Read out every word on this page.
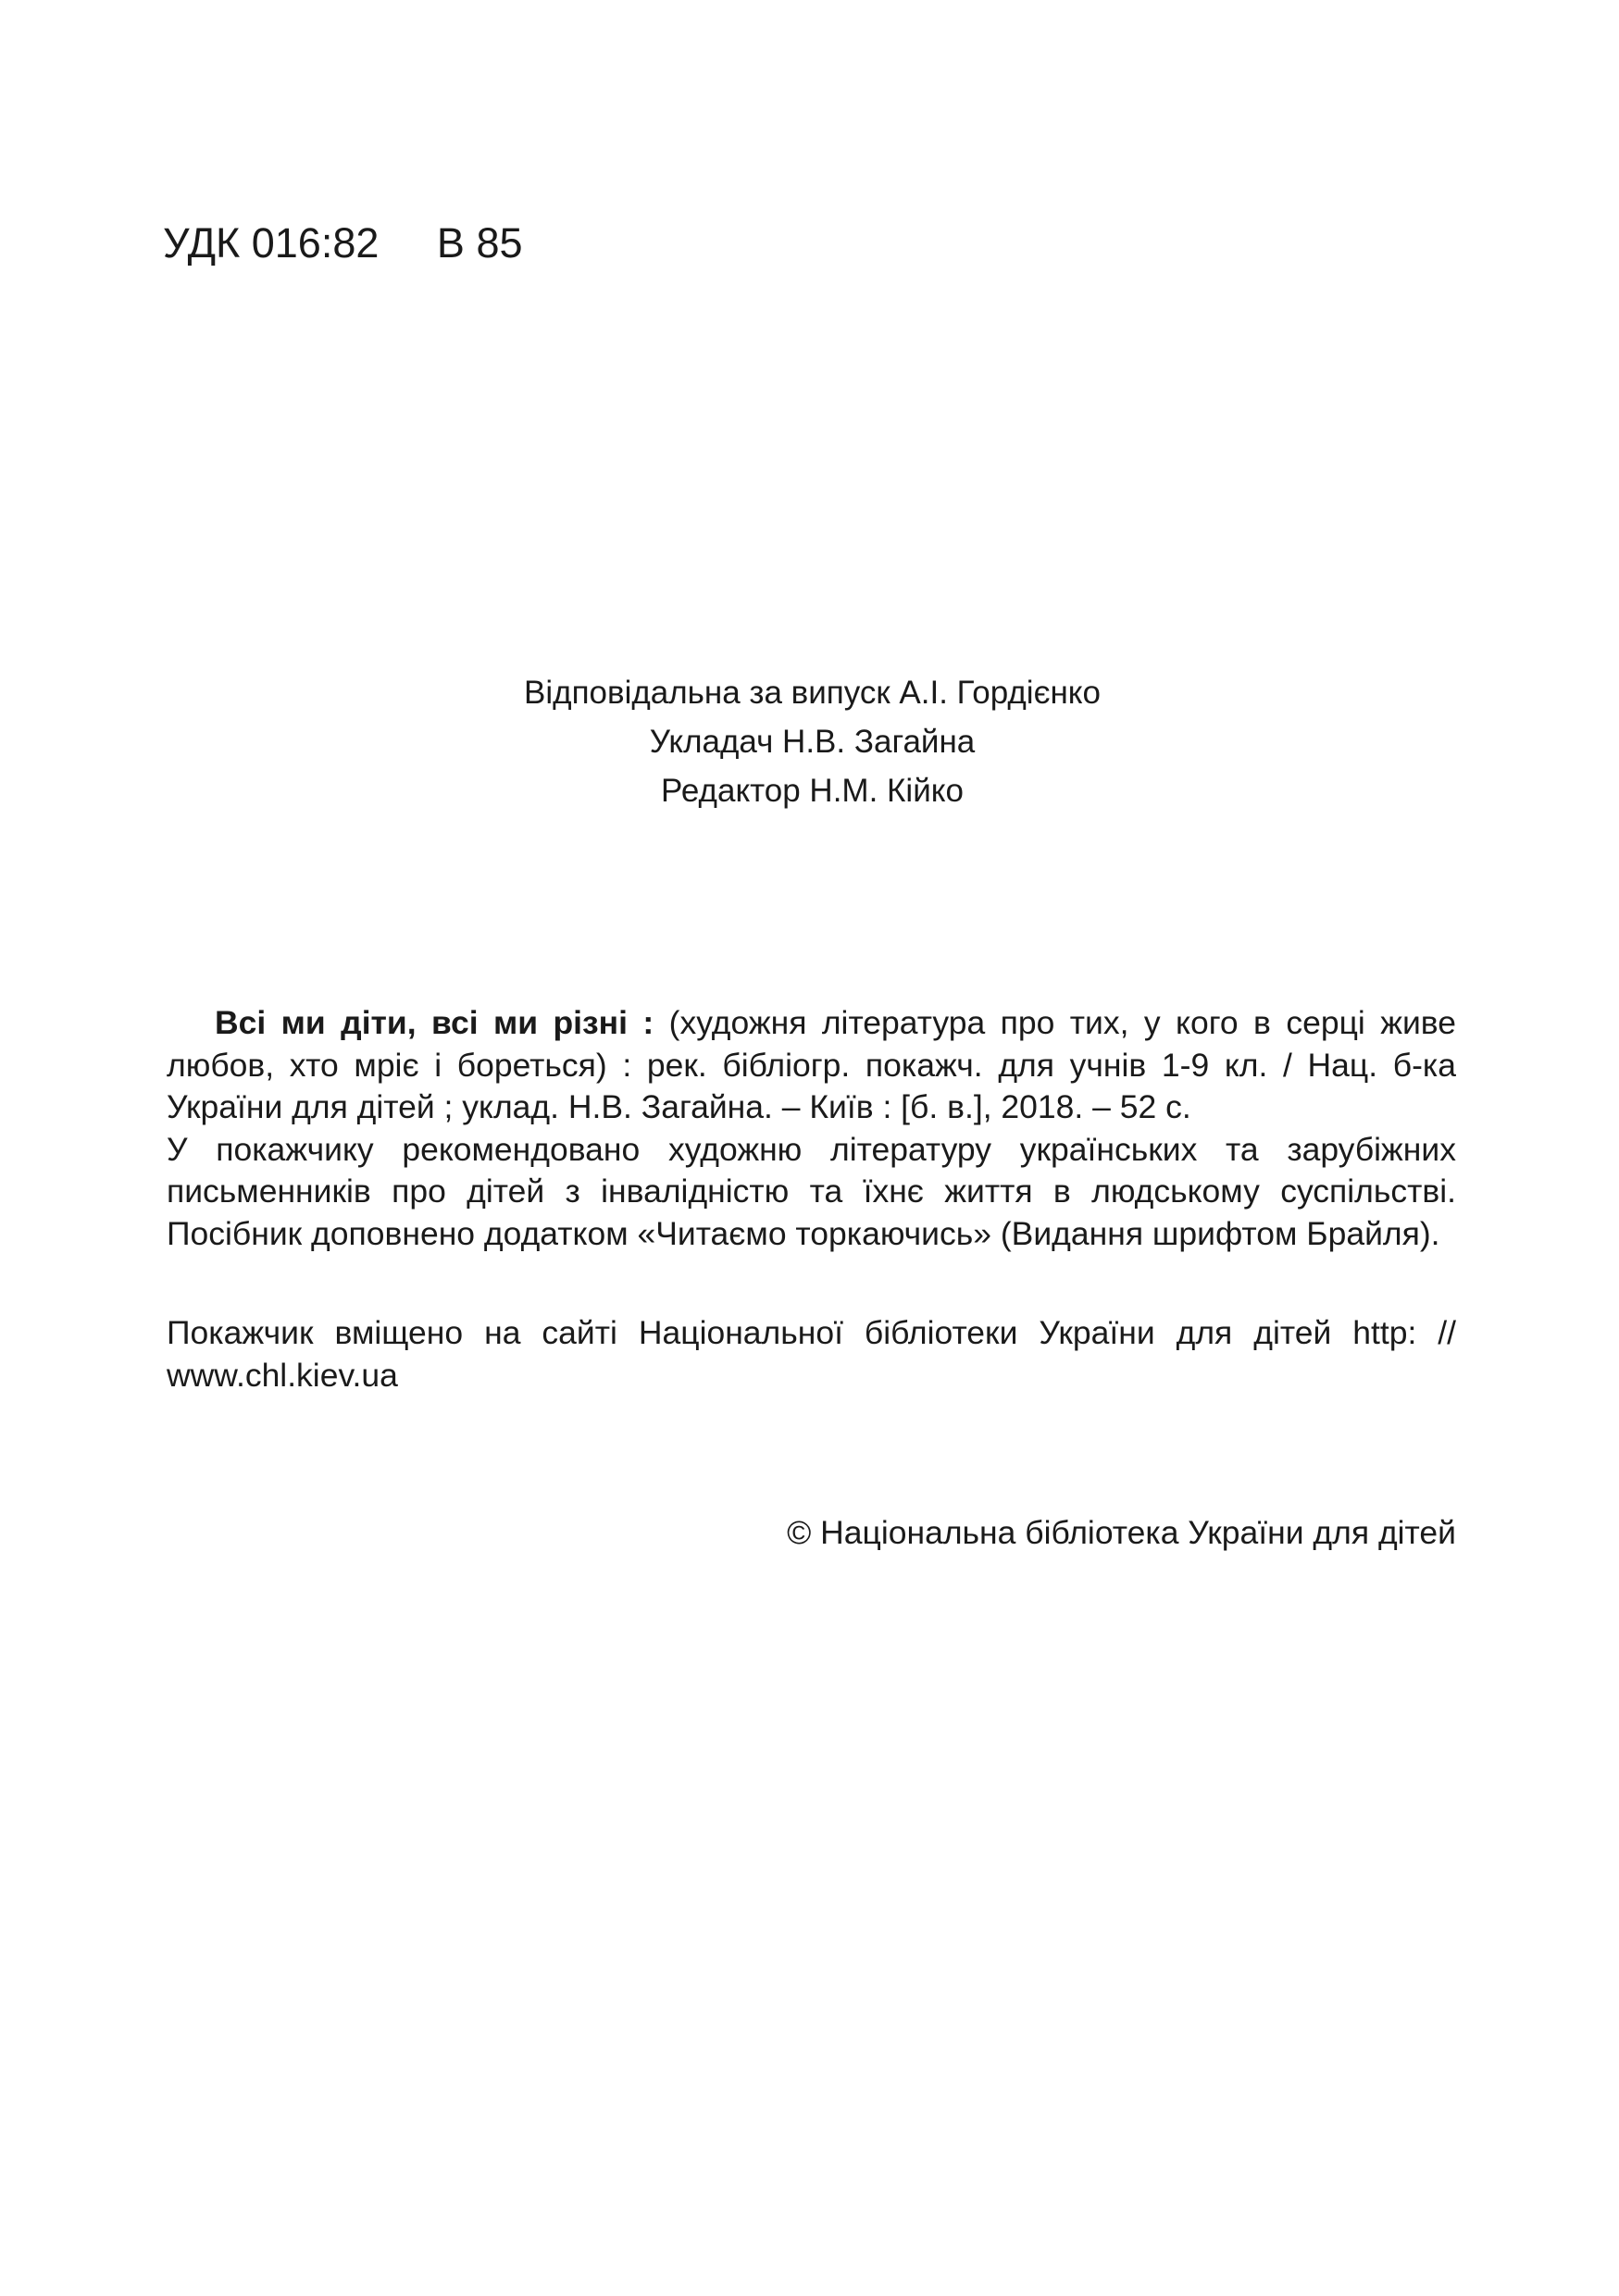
УДК 016:82 В 85
Відповідальна за випуск А.І. Гордієнко
Укладач Н.В. Загайна
Редактор Н.М. Кійко

Всі ми діти, всі ми різні : (художня література про тих, у кого в серці живе любов, хто мріє і бореться) : рек. бібліогр. покажч. для учнів 1-9 кл. / Нац. б-ка України для дітей ; уклад. Н.В. Загайна. – Київ : [б. в.], 2018. – 52 с.

У покажчику рекомендовано художню літературу українських та зарубіжних письменників про дітей з інвалідністю та їхнє життя в людському суспільстві. Посібник доповнено додатком «Читаємо торкаючись» (Видання шрифтом Брайля).

Покажчик вміщено на сайті Національної бібліотеки України для дітей http: // www.chl.kiev.ua
© Національна бібліотека України для дітей
